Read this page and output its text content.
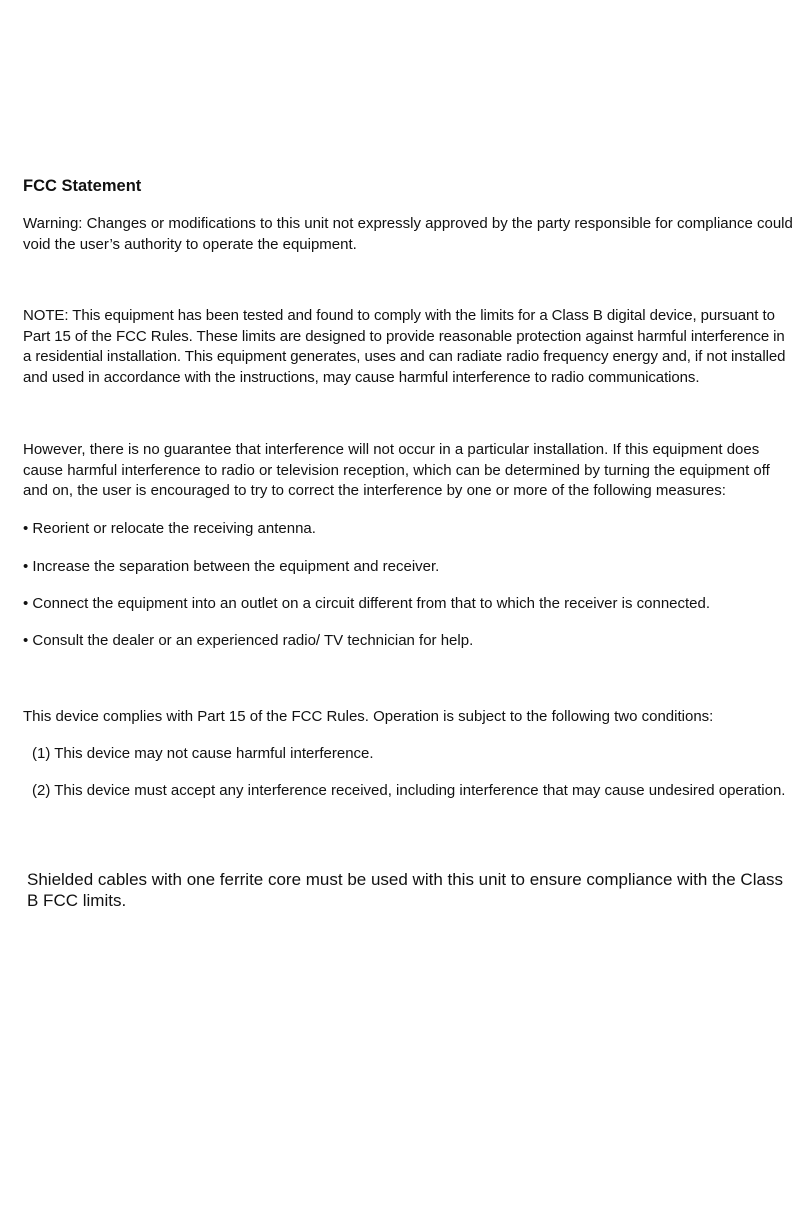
FCC Statement
Warning: Changes or modifications to this unit not expressly approved by the party responsible for compliance could void the user’s authority to operate the equipment.
NOTE: This equipment has been tested and found to comply with the limits for a Class B digital device, pursuant to Part 15 of the FCC Rules. These limits are designed to provide reasonable protection against harmful interference in a residential installation. This equipment generates, uses and can radiate radio frequency energy and, if not installed and used in accordance with the instructions, may cause harmful interference to radio communications.
However, there is no guarantee that interference will not occur in a particular installation. If this equipment does cause harmful interference to radio or television reception, which can be determined by turning the equipment off and on, the user is encouraged to try to correct the interference by one or more of the following measures:
• Reorient or relocate the receiving antenna.
• Increase the separation between the equipment and receiver.
• Connect the equipment into an outlet on a circuit different from that to which the receiver is connected.
• Consult the dealer or an experienced radio/ TV technician for help.
This device complies with Part 15 of the FCC Rules. Operation is subject to the following two conditions:
(1) This device may not cause harmful interference.
(2) This device must accept any interference received, including interference that may cause undesired operation.
Shielded cables with one ferrite core must be used with this unit to ensure compliance with the Class B FCC limits.
